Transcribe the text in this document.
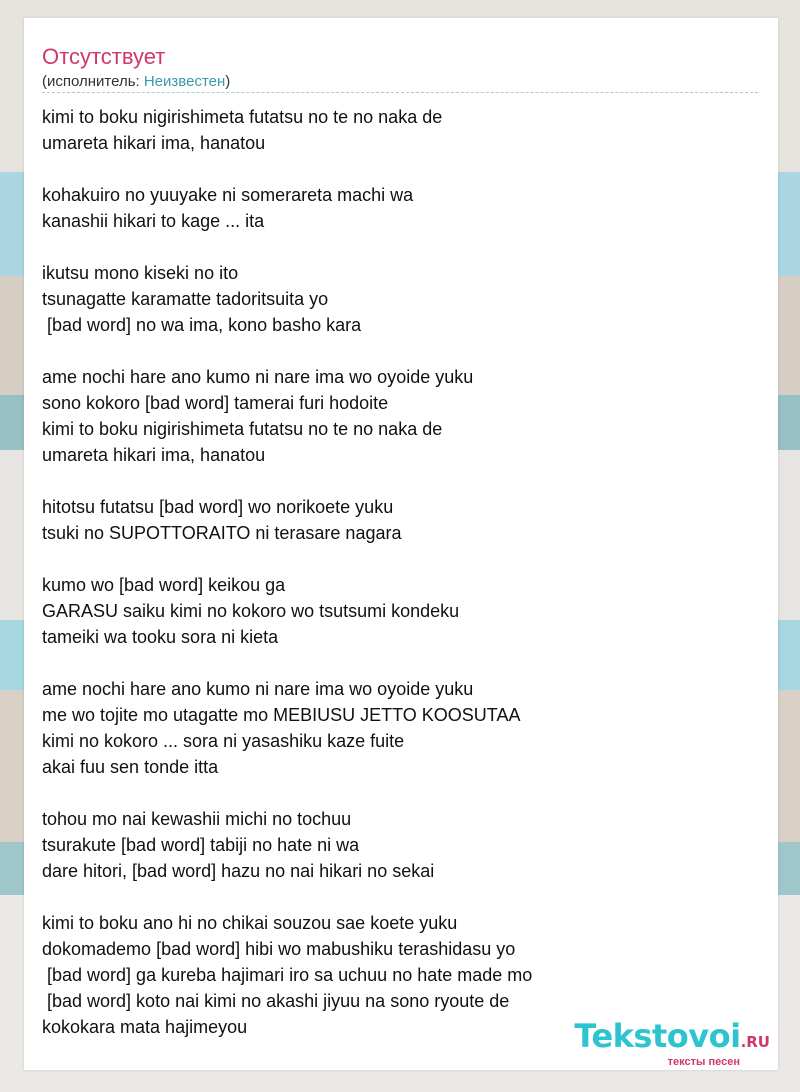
Отсутствует
(исполнитель: Неизвестен)
kimi to boku nigirishimeta futatsu no te no naka de
umareta hikari ima, hanatou
kohakuiro no yuuyake ni somerareta machi wa
kanashii hikari to kage ... ita
ikutsu mono kiseki no ito
tsunagatte karamatte tadoritsuita yo
[bad word] no wa ima, kono basho kara
ame nochi hare ano kumo ni nare ima wo oyoide yuku
sono kokoro [bad word] tamerai furi hodoite
kimi to boku nigirishimeta futatsu no te no naka de
umareta hikari ima, hanatou
hitotsu futatsu [bad word] wo norikoete yuku
tsuki no SUPOTTORAITO ni terasare nagara
kumo wo [bad word] keikou ga
GARASU saiku kimi no kokoro wo tsutsumi kondeku
tameiki wa tooku sora ni kieta
ame nochi hare ano kumo ni nare ima wo oyoide yuku
me wo tojite mo utagatte mo MEBIUSU JETTO KOOSUTAA
kimi no kokoro ... sora ni yasashiku kaze fuite
akai fuu sen tonde itta
tohou mo nai kewashii michi no tochuu
tsurakute [bad word] tabiji no hate ni wa
dare hitori, [bad word] hazu no nai hikari no sekai
kimi to boku ano hi no chikai souzou sae koete yuku
dokomademo [bad word] hibi wo mabushiku terashidasu yo
[bad word] ga kureba hajimari iro sa uchuu no hate made mo
[bad word] koto nai kimi no akashi jiyuu na sono ryoute de
kokokara mata hajimeyou	Tekstovoi.RU
тексты песен
